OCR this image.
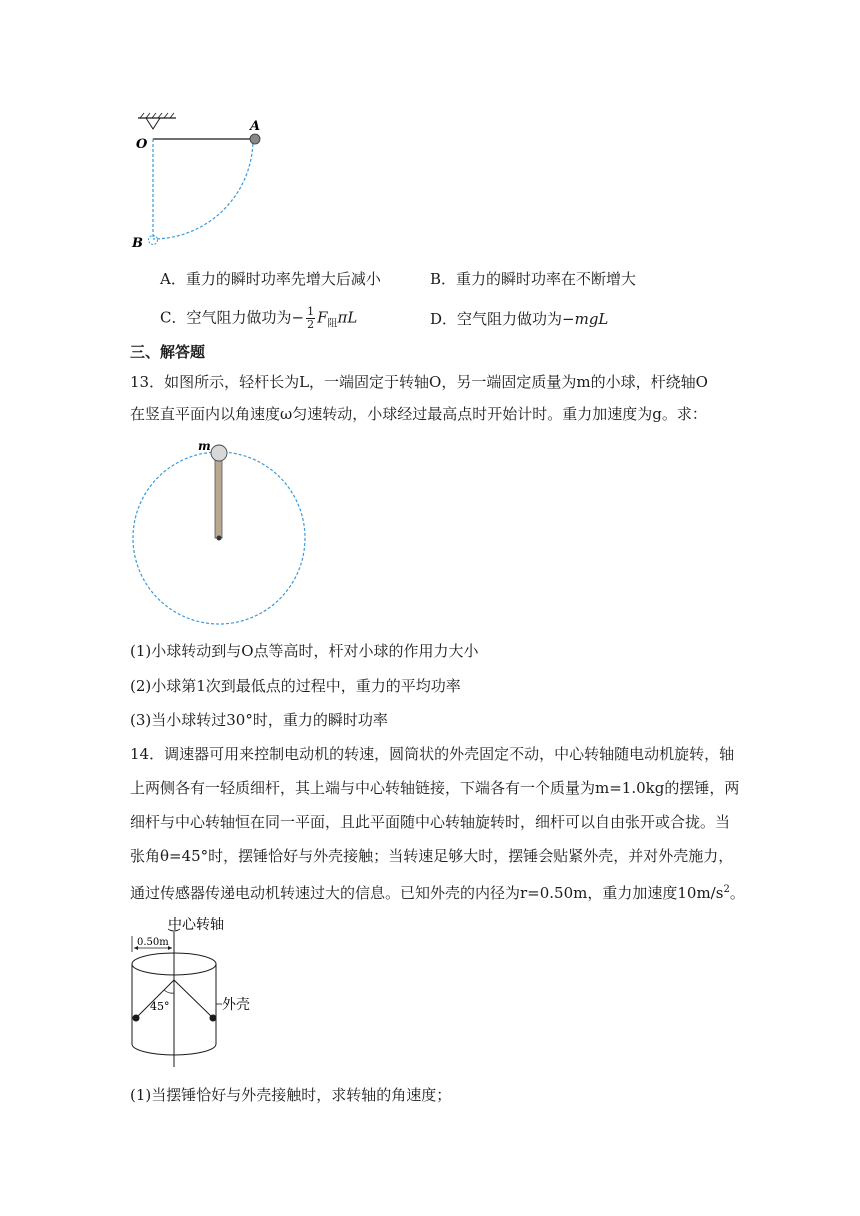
O
A
B
A．重力的瞬时功率先增大后减小	B．重力的瞬时功率在不断增大
C．空气阻力做功为− $\frac{1}{2} F_阻\pi L$	D．空气阻力做功为−mgL
三、解答题
13．如图所示，轻杆长为L，一端固定于转轴O，另一端固定质量为m的小球，杆绕轴O
在竖直平面内以角速度ω匀速转动，小球经过最高点时开始计时。重力加速度为g。求：
m
(1)小球转动到与O点等高时，杆对小球的作用力大小
(2)小球第1次到最低点的过程中，重力的平均功率
(3)当小球转过30°时，重力的瞬时功率
14．调速器可用来控制电动机的转速，圆筒状的外壳固定不动，中心转轴随电动机旋转，轴
上两侧各有一轻质细杆，其上端与中心转轴链接，下端各有一个质量为m=1.0kg的摆锤，两
细杆与中心转轴恒在同一平面，且此平面随中心转轴旋转时，细杆可以自由张开或合拢。当
张角θ=45°时，摆锤恰好与外壳接触；当转速足够大时，摆锤会贴紧外壳，并对外壳施力，
通过传感器传递电动机转速过大的信息。已知外壳的内径为r=0.50m，重力加速度$10m/s^2$。
中心转轴
0.50m
45°	外壳
(1)当摆锤恰好与外壳接触时，求转轴的角速度；
